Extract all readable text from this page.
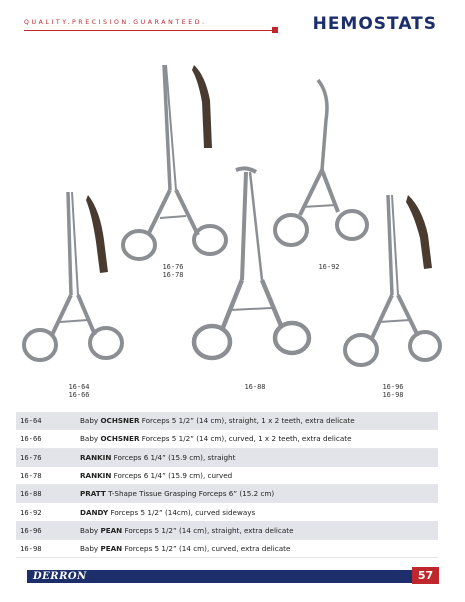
QUALITY.PRECISION.GUARANTEED.	HEMOSTATS
16-76
16-78
16-92
16-64
16-66
16-88	16-96
16-98
16-64	Baby OCHSNER Forceps 5 1/2” (14 cm), straight, 1 x 2 teeth, extra delicate
16-66	Baby OCHSNER Forceps 5 1/2” (14 cm), curved, 1 x 2 teeth, extra delicate
16-76	RANKIN Forceps 6 1/4” (15.9 cm), straight
16-78	RANKIN Forceps 6 1/4” (15.9 cm), curved
16-88	PRATT T-Shape Tissue Grasping Forceps 6” (15.2 cm)
16-92	DANDY Forceps 5 1/2” (14cm), curved sideways
16-96	Baby PEAN Forceps 5 1/2” (14 cm), straight, extra delicate
16-98	Baby PEAN Forceps 5 1/2” (14 cm), curved, extra delicate
DERRON	57
